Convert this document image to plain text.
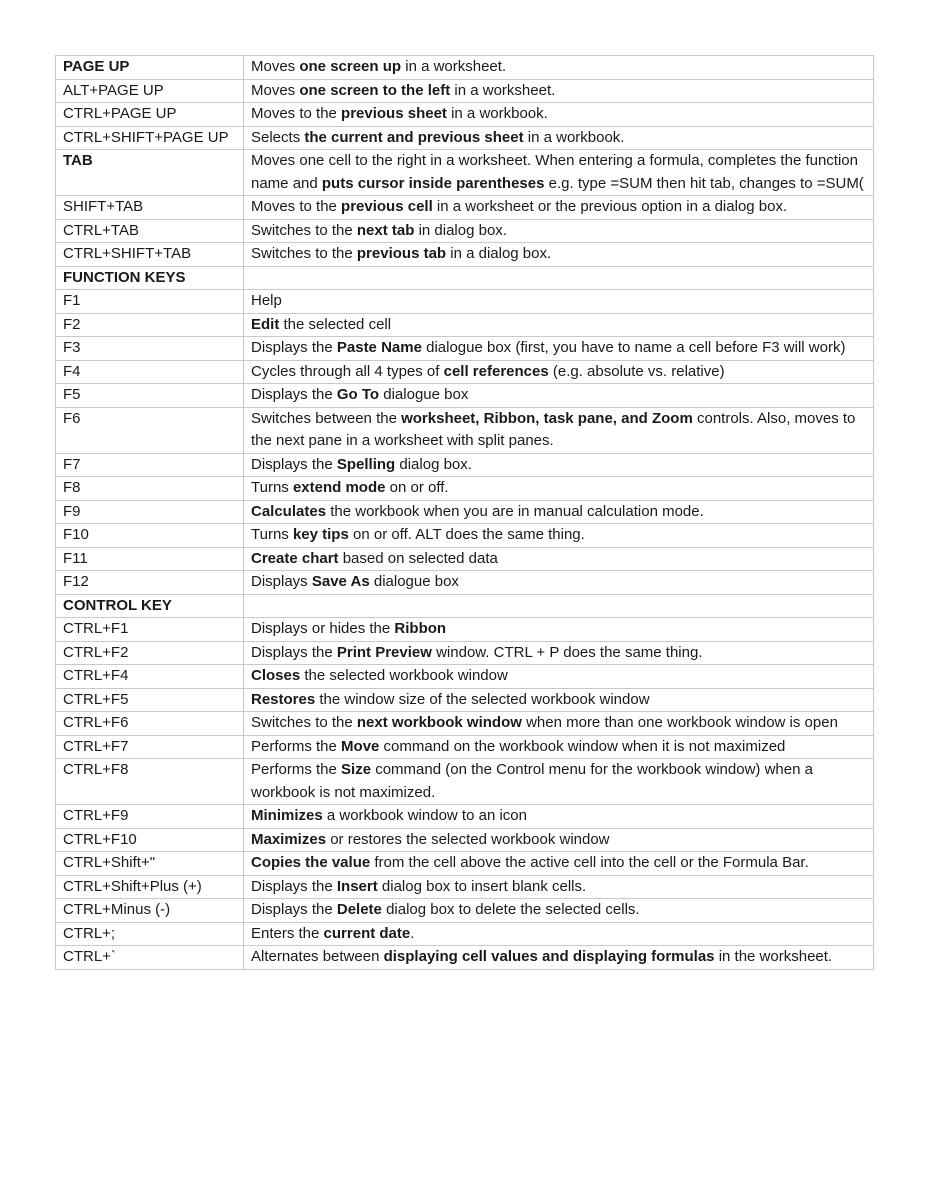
PAGE UP	Moves one screen up in a worksheet.
ALT+PAGE UP	Moves one screen to the left in a worksheet.
CTRL+PAGE UP	Moves to the previous sheet in a workbook.
CTRL+SHIFT+PAGE UP	Selects the current and previous sheet in a workbook.
TAB	Moves one cell to the right in a worksheet. When entering a formula, completes the function name and puts cursor inside parentheses e.g. type =SUM then hit tab, changes to =SUM(
SHIFT+TAB	Moves to the previous cell in a worksheet or the previous option in a dialog box.
CTRL+TAB	Switches to the next tab in dialog box.
CTRL+SHIFT+TAB	Switches to the previous tab in a dialog box.
FUNCTION KEYS	
F1	Help
F2	Edit the selected cell
F3	Displays the Paste Name dialogue box (first, you have to name a cell before F3 will work)
F4	Cycles through all 4 types of cell references (e.g. absolute vs. relative)
F5	Displays the Go To dialogue box
F6	Switches between the worksheet, Ribbon, task pane, and Zoom controls. Also, moves to the next pane in a worksheet with split panes.
F7	Displays the Spelling dialog box.
F8	Turns extend mode on or off.
F9	Calculates the workbook when you are in manual calculation mode.
F10	Turns key tips on or off. ALT does the same thing.
F11	Create chart based on selected data
F12	Displays Save As dialogue box
CONTROL KEY	
CTRL+F1	Displays or hides the Ribbon
CTRL+F2	Displays the Print Preview window. CTRL + P does the same thing.
CTRL+F4	Closes the selected workbook window
CTRL+F5	Restores the window size of the selected workbook window
CTRL+F6	Switches to the next workbook window when more than one workbook window is open
CTRL+F7	Performs the Move command on the workbook window when it is not maximized
CTRL+F8	Performs the Size command (on the Control menu for the workbook window) when a workbook is not maximized.
CTRL+F9	Minimizes a workbook window to an icon
CTRL+F10	Maximizes or restores the selected workbook window
CTRL+Shift+"	Copies the value from the cell above the active cell into the cell or the Formula Bar.
CTRL+Shift+Plus (+)	Displays the Insert dialog box to insert blank cells.
CTRL+Minus (-)	Displays the Delete dialog box to delete the selected cells.
CTRL+;	Enters the current date.
CTRL+`	Alternates between displaying cell values and displaying formulas in the worksheet.
